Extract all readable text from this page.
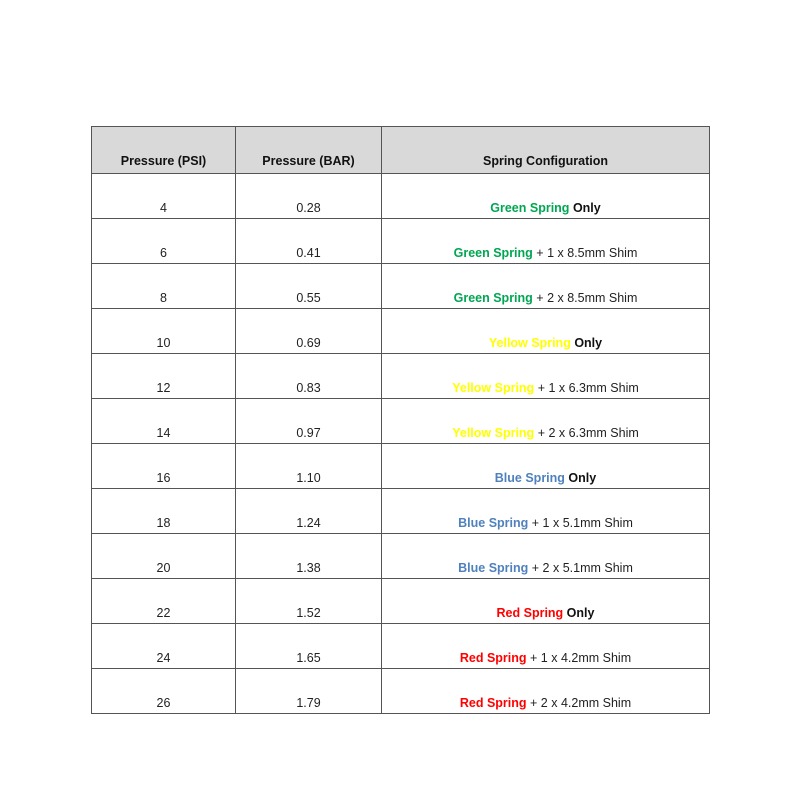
Pressure (PSI)	Pressure (BAR)	Spring Configuration
4	0.28	Green Spring Only
6	0.41	Green Spring + 1 x 8.5mm Shim
8	0.55	Green Spring + 2 x 8.5mm Shim
10	0.69	Yellow Spring Only
12	0.83	Yellow Spring + 1 x 6.3mm Shim
14	0.97	Yellow Spring + 2 x 6.3mm Shim
16	1.10	Blue Spring Only
18	1.24	Blue Spring + 1 x 5.1mm Shim
20	1.38	Blue Spring + 2 x 5.1mm Shim
22	1.52	Red Spring Only
24	1.65	Red Spring + 1 x 4.2mm Shim
26	1.79	Red Spring + 2 x 4.2mm Shim
